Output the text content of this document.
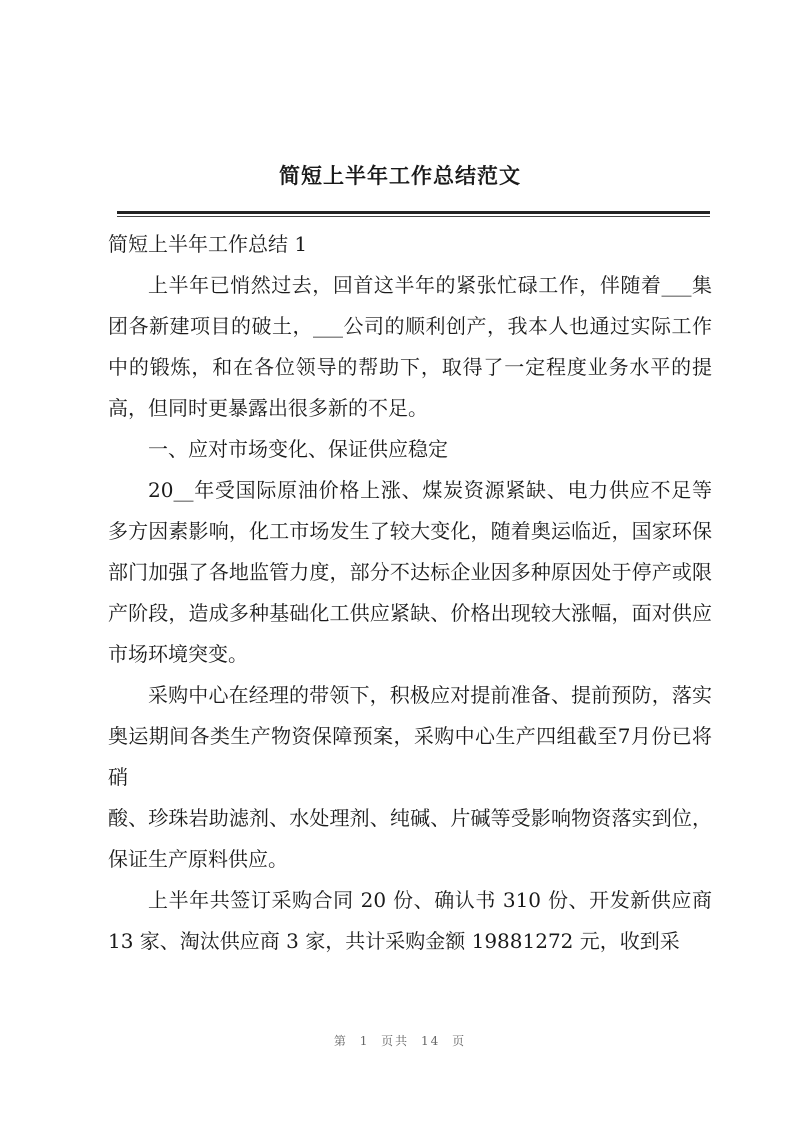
简短上半年工作总结范文

简短上半年工作总结 1

上半年已悄然过去，回首这半年的紧张忙碌工作，伴随着___集团各新建项目的破土，___公司的顺利创产，我本人也通过实际工作中的锻炼，和在各位领导的帮助下，取得了一定程度业务水平的提高，但同时更暴露出很多新的不足。

一、应对市场变化、保证供应稳定

20__年受国际原油价格上涨、煤炭资源紧缺、电力供应不足等多方因素影响，化工市场发生了较大变化，随着奥运临近，国家环保部门加强了各地监管力度，部分不达标企业因多种原因处于停产或限产阶段，造成多种基础化工供应紧缺、价格出现较大涨幅，面对供应市场环境突变。

采购中心在经理的带领下，积极应对提前准备、提前预防，落实奥运期间各类生产物资保障预案，采购中心生产四组截至7月份已将硝

酸、珍珠岩助滤剂、水处理剂、纯碱、片碱等受影响物资落实到位，保证生产原料供应。

上半年共签订采购合同 20 份、确认书 310 份、开发新供应商 13 家、淘汰供应商 3 家，共计采购金额 19881272 元，收到采

第 1 页共 14 页
